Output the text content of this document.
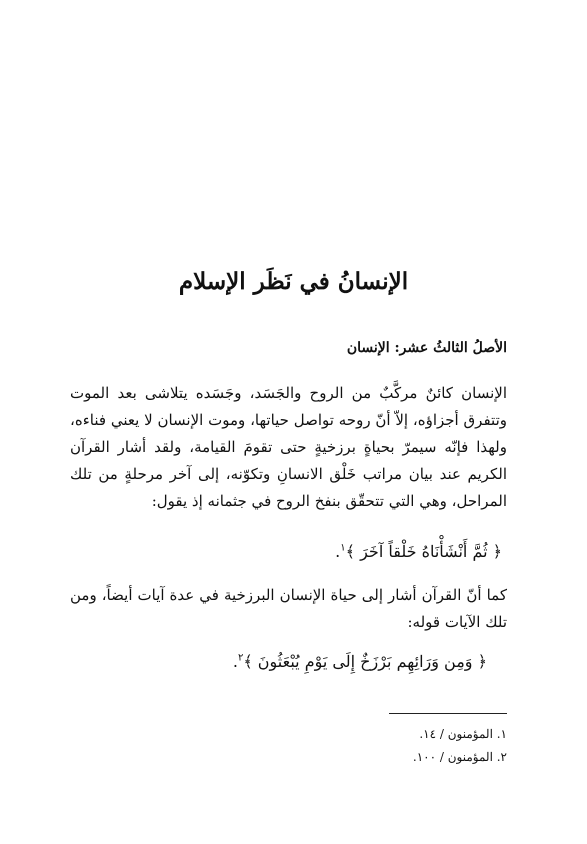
الإنسانُ في نَظَر الإسلام
الأصلُ الثالثُ عشر: الإنسان

الإنسان كائنٌ مركَّبٌ من الروح والجَسَد، وجَسَده يتلاشى بعد الموت وتتفرق أجزاؤه، إلاّ أنّ روحه تواصل حياتها، وموت الإنسان لا يعني فناءه، ولهذا فإنّه سيمرّ بحياةٍ برزخيةٍ حتى تقومَ القيامة، ولقد أشار القرآن الكريم عند بيان مراتب خَلْق الانسانِ وتكوّنه، إلى آخر مرحلةٍ من تلك المراحل، وهي التي تتحقّق بنفخ الروح في جثمانه إذ يقول:

﴿ ثُمَّ أَنْشَأْنَاهُ خَلْقاً آخَرَ ﴾$^١$.

كما أنّ القرآن أشار إلى حياة الإنسان البرزخية في عدة آيات أيضاً، ومن تلك الآيات قوله:

﴿ وَمِن وَرَائِهِم بَرْزَخٌ إِلَى يَوْمِ يُبْعَثُونَ ﴾$^٢$.

١. المؤمنون / ١٤.

٢. المؤمنون / ١٠٠.
